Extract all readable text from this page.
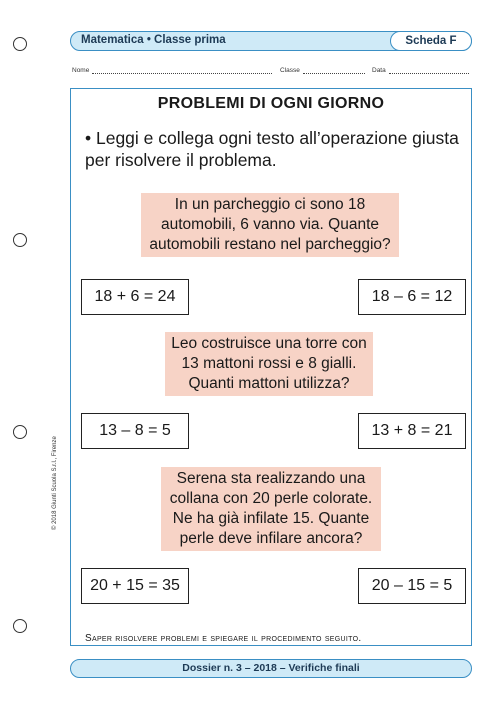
Matematica • Classe prima	Scheda F
Nome	Classe	Data
PROBLEMI DI OGNI GIORNO
• Leggi e collega ogni testo all’operazione giusta per risolvere il problema.
In un parcheggio ci sono 18
automobili, 6 vanno via. Quante
automobili restano nel parcheggio?
18 + 6 = 24	18 – 6 = 12
Leo costruisce una torre con
13 mattoni rossi e 8 gialli.
Quanti mattoni utilizza?
13 – 8 = 5	13 + 8 = 21
Serena sta realizzando una
collana con 20 perle colorate.
Ne ha già infilate 15. Quante
perle deve infilare ancora?
20 + 15 = 35	20 – 15 = 5
Saper risolvere problemi e spiegare il procedimento seguito.
© 2018 Giunti Scuola S.r.l., Firenze
Dossier n. 3 – 2018 – Verifiche finali
